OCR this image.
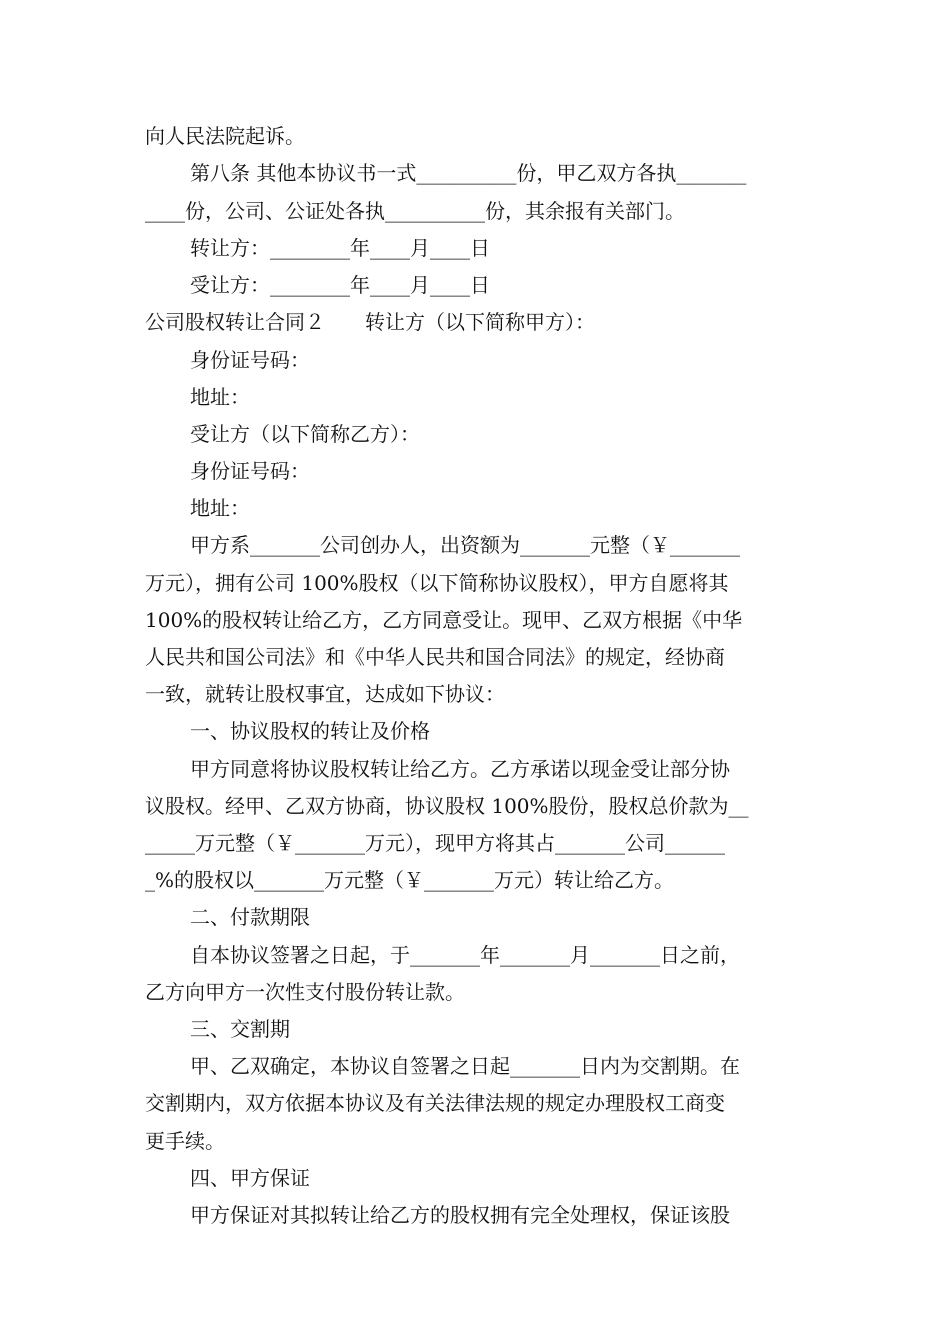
向人民法院起诉。
第八条 其他本协议书一式__________份，甲乙双方各执_______
____份，公司、公证处各执__________份，其余报有关部门。
转让方：________年____月____日
受让方：________年____月____日
公司股权转让合同２　　转让方（以下简称甲方）：
身份证号码：
地址：
受让方（以下简称乙方）：
身份证号码：
地址：
甲方系_______公司创办人，出资额为_______元整（￥_______
万元），拥有公司 100%股权（以下简称协议股权），甲方自愿将其
100%的股权转让给乙方，乙方同意受让。现甲、乙双方根据《中华
人民共和国公司法》和《中华人民共和国合同法》的规定，经协商
一致，就转让股权事宜，达成如下协议：
一、协议股权的转让及价格
甲方同意将协议股权转让给乙方。乙方承诺以现金受让部分协
议股权。经甲、乙双方协商，协议股权 100%股份，股权总价款为__
_____万元整（￥_______万元），现甲方将其占_______公司______
_%的股权以_______万元整（￥_______万元）转让给乙方。
二、付款期限
自本协议签署之日起，于_______年_______月_______日之前，
乙方向甲方一次性支付股份转让款。
三、交割期
甲、乙双确定，本协议自签署之日起_______日内为交割期。在
交割期内，双方依据本协议及有关法律法规的规定办理股权工商变
更手续。
四、甲方保证
甲方保证对其拟转让给乙方的股权拥有完全处理权，保证该股
